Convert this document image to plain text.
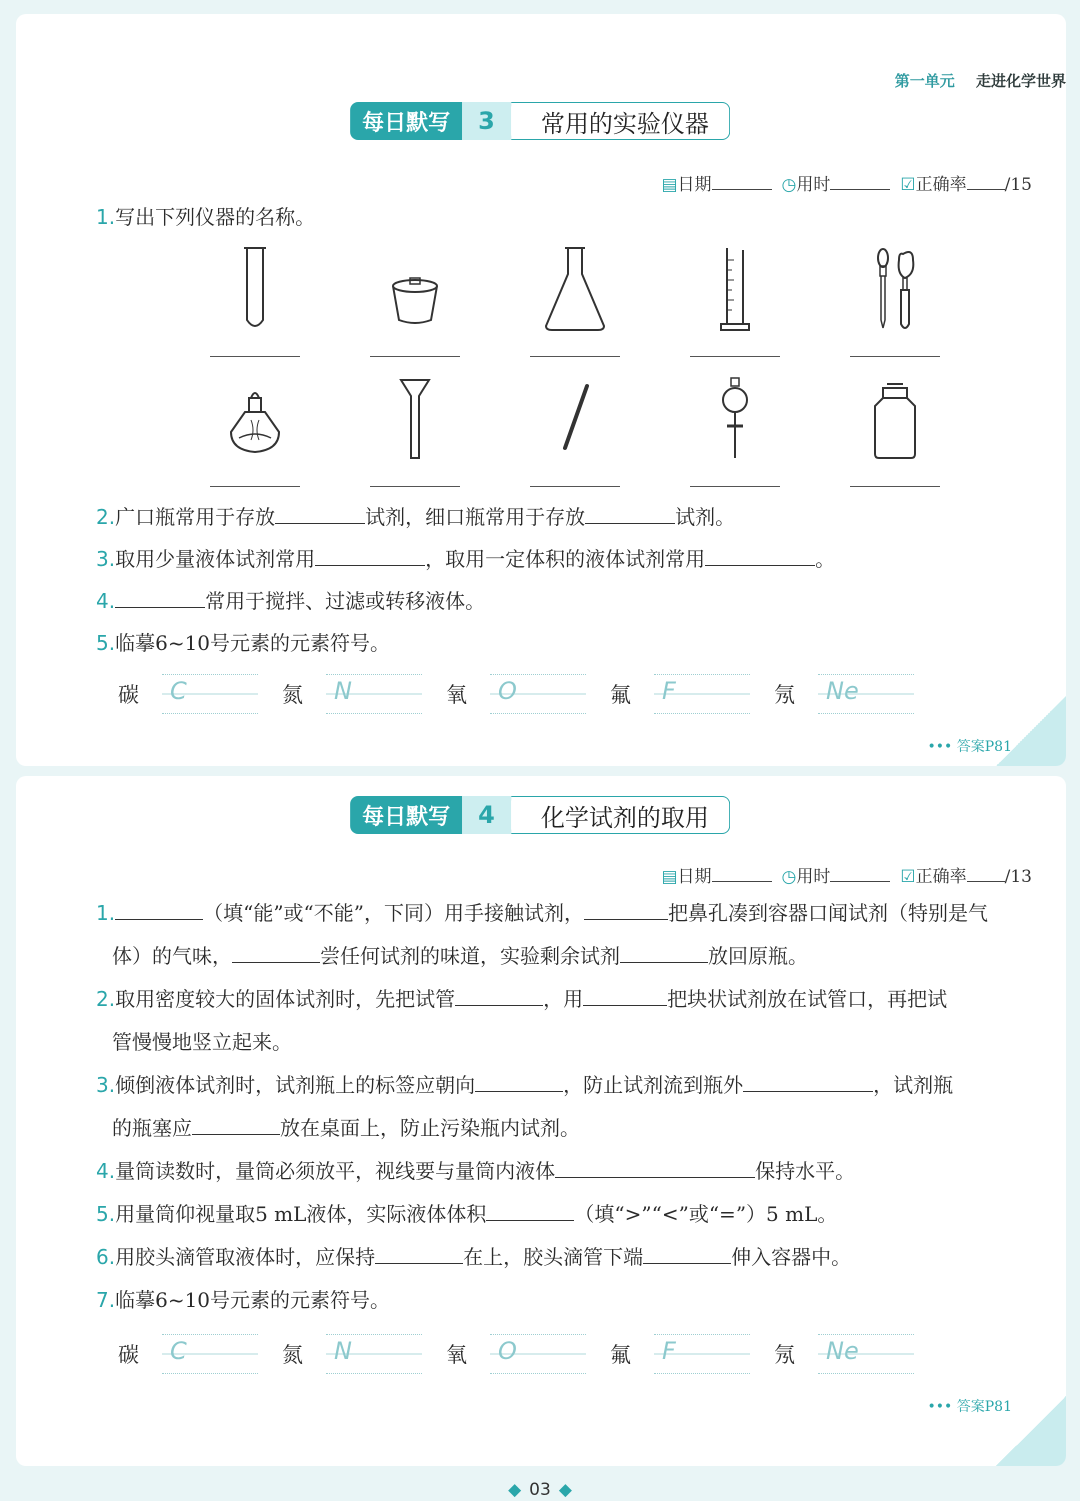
第一单元 走进化学世界
每日默写	3	常用的实验仪器
▤日期	◷用时	☑正确率 /15
1.写出下列仪器的名称。
2.广口瓶常用于存放	试剂，细口瓶常用于存放	试剂。
3.取用少量液体试剂常用	，取用一定体积的液体试剂常用	。
4.	常用于搅拌、过滤或转移液体。
5.临摹6~10号元素的元素符号。
碳	C	氮	N	氧	O	氟	F	氖	Ne
••• 答案P81
每日默写	4	化学试剂的取用
▤日期	◷用时	☑正确率 /13
1.	（填“能”或“不能”，下同）用手接触试剂，	把鼻孔凑到容器口闻试剂（特别是气
体）的气味，	尝任何试剂的味道，实验剩余试剂	放回原瓶。
2.取用密度较大的固体试剂时，先把试管	，用	把块状试剂放在试管口，再把试
管慢慢地竖立起来。
3.倾倒液体试剂时，试剂瓶上的标签应朝向	，防止试剂流到瓶外	，试剂瓶
的瓶塞应	放在桌面上，防止污染瓶内试剂。
4.量筒读数时，量筒必须放平，视线要与量筒内液体	保持水平。
5.用量筒仰视量取5 mL液体，实际液体体积	（填“>”“<”或“=”）5 mL。
6.用胶头滴管取液体时，应保持	在上，胶头滴管下端	伸入容器中。
7.临摹6~10号元素的元素符号。
碳	C	氮	N	氧	O	氟	F	氖	Ne
••• 答案P81
◆ 03 ◆
